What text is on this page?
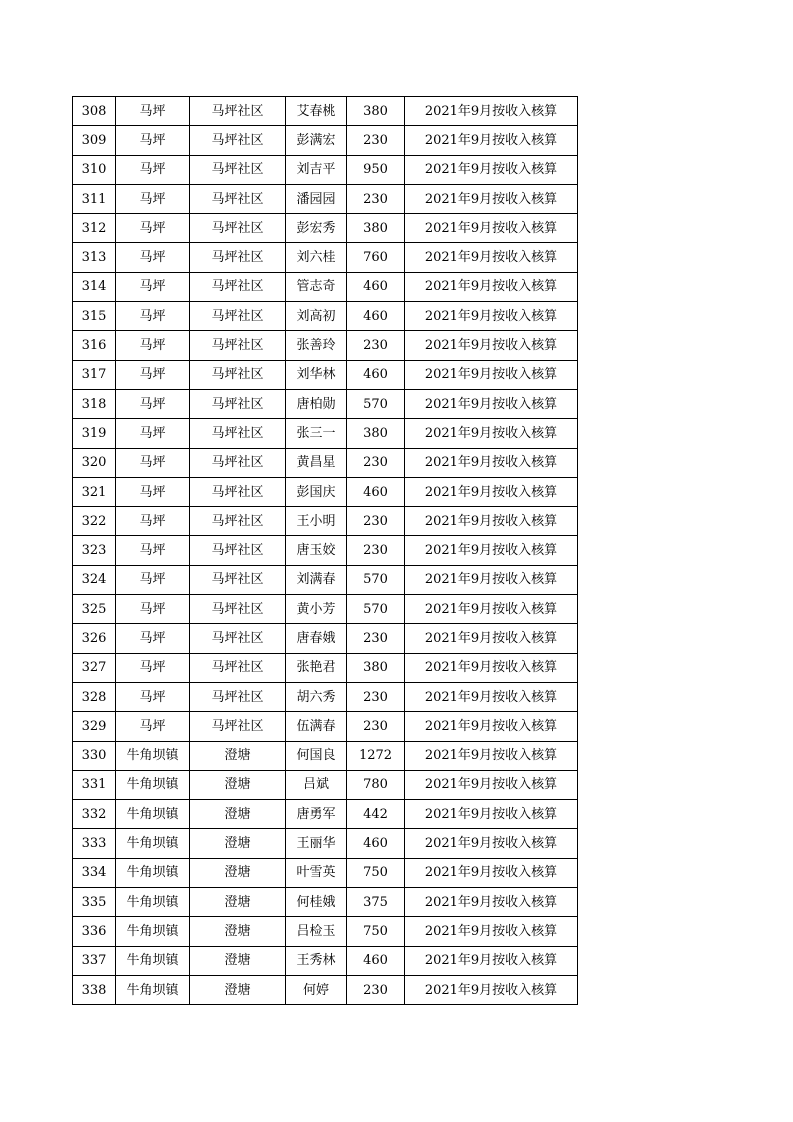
308	马坪	马坪社区	艾春桃	380	2021年9月按收入核算
309	马坪	马坪社区	彭满宏	230	2021年9月按收入核算
310	马坪	马坪社区	刘吉平	950	2021年9月按收入核算
311	马坪	马坪社区	潘园园	230	2021年9月按收入核算
312	马坪	马坪社区	彭宏秀	380	2021年9月按收入核算
313	马坪	马坪社区	刘六桂	760	2021年9月按收入核算
314	马坪	马坪社区	管志奇	460	2021年9月按收入核算
315	马坪	马坪社区	刘高初	460	2021年9月按收入核算
316	马坪	马坪社区	张善玲	230	2021年9月按收入核算
317	马坪	马坪社区	刘华林	460	2021年9月按收入核算
318	马坪	马坪社区	唐柏勋	570	2021年9月按收入核算
319	马坪	马坪社区	张三一	380	2021年9月按收入核算
320	马坪	马坪社区	黄昌星	230	2021年9月按收入核算
321	马坪	马坪社区	彭国庆	460	2021年9月按收入核算
322	马坪	马坪社区	王小明	230	2021年9月按收入核算
323	马坪	马坪社区	唐玉姣	230	2021年9月按收入核算
324	马坪	马坪社区	刘满春	570	2021年9月按收入核算
325	马坪	马坪社区	黄小芳	570	2021年9月按收入核算
326	马坪	马坪社区	唐春娥	230	2021年9月按收入核算
327	马坪	马坪社区	张艳君	380	2021年9月按收入核算
328	马坪	马坪社区	胡六秀	230	2021年9月按收入核算
329	马坪	马坪社区	伍满春	230	2021年9月按收入核算
330	牛角坝镇	澄塘	何国良	1272	2021年9月按收入核算
331	牛角坝镇	澄塘	吕斌	780	2021年9月按收入核算
332	牛角坝镇	澄塘	唐勇军	442	2021年9月按收入核算
333	牛角坝镇	澄塘	王丽华	460	2021年9月按收入核算
334	牛角坝镇	澄塘	叶雪英	750	2021年9月按收入核算
335	牛角坝镇	澄塘	何桂娥	375	2021年9月按收入核算
336	牛角坝镇	澄塘	吕检玉	750	2021年9月按收入核算
337	牛角坝镇	澄塘	王秀林	460	2021年9月按收入核算
338	牛角坝镇	澄塘	何婷	230	2021年9月按收入核算
